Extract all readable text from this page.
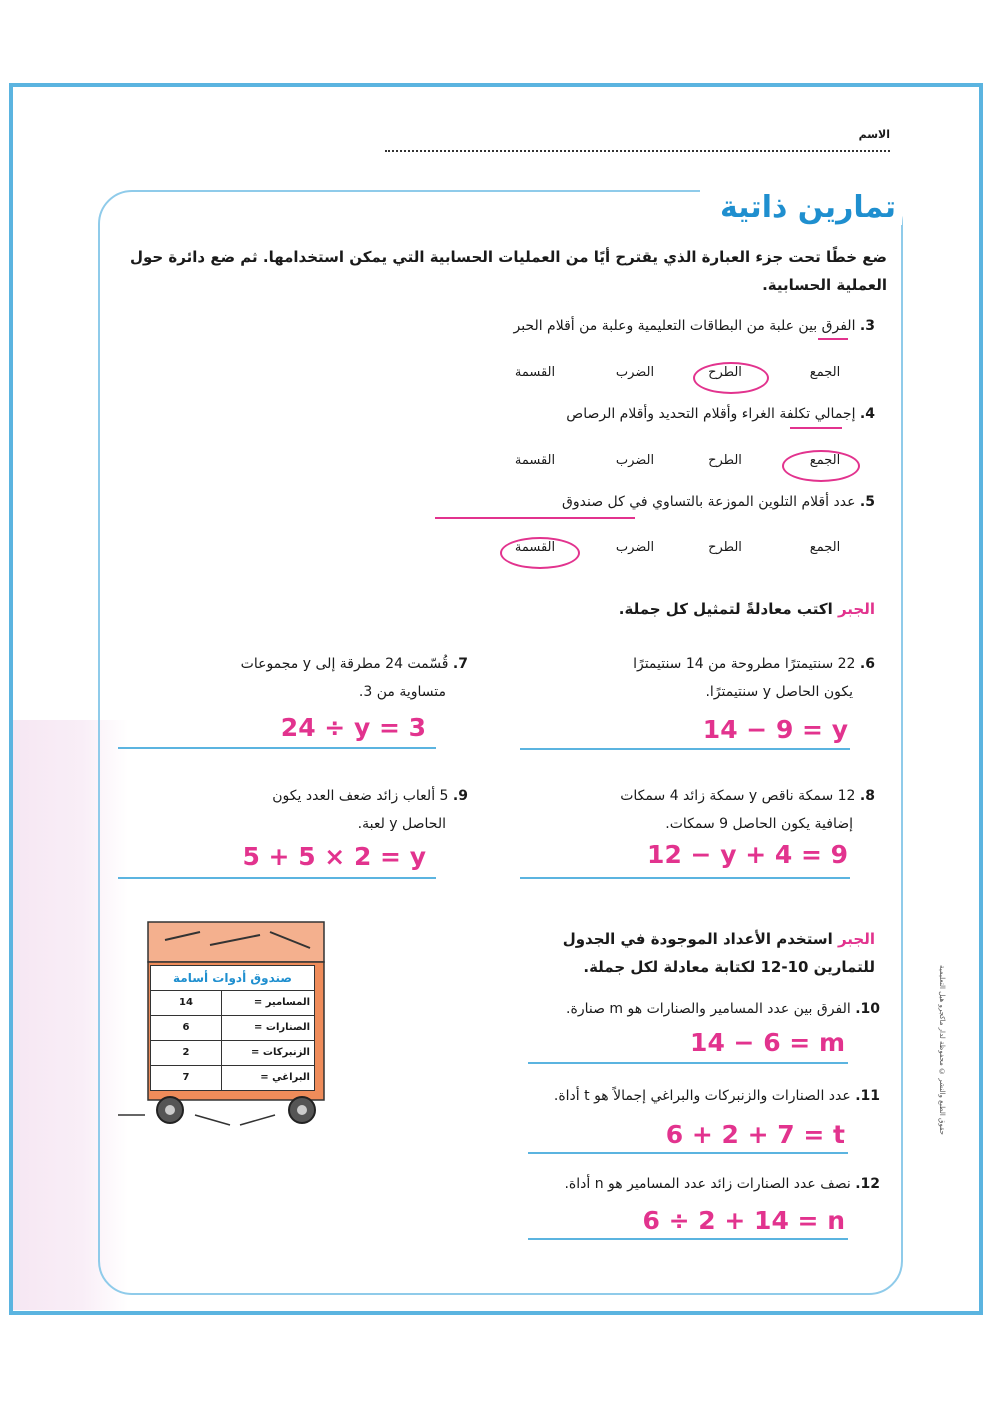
الاسم
تمارين ذاتية
ضع خطًا تحت جزء العبارة الذي يقترح أيًا من العمليات الحسابية التي يمكن استخدامها. ثم ضع دائرة حول العملية الحسابية.
3. الفرق بين علبة من البطاقات التعليمية وعلبة من أقلام الحبر
الجمع
الطرح
الضرب
القسمة
4. إجمالي تكلفة الغراء وأقلام التحديد وأقلام الرصاص
الجمع
الطرح
الضرب
القسمة
5. عدد أقلام التلوين الموزعة بالتساوي في كل صندوق
الجمع
الطرح
الضرب
القسمة
الجبر اكتب معادلةً لتمثيل كل جملة.
6. 22 سنتيمترًا مطروحة من 14 سنتيمترًا
يكون الحاصل y سنتيمترًا.
14 − 9 = y
7. قُسّمت 24 مطرقة إلى y مجموعات
متساوية من 3.
24 ÷ y = 3
8. 12 سمكة ناقص y سمكة زائد 4 سمكات
إضافية يكون الحاصل 9 سمكات.
12 − y + 4 = 9
9. 5 ألعاب زائد ضعف العدد يكون
الحاصل y لعبة.
5 + 5 × 2 = y
الجبر استخدم الأعداد الموجودة في الجدول
للتمارين 10-12 لكتابة معادلة لكل جملة.
صندوق أدوات أسامة
14	المسامير =
6	الصنارات =
2	الزنبركات =
7	البراغي =
10. الفرق بين عدد المسامير والصنارات هو m صنارة.
14 − 6 = m
11. عدد الصنارات والزنبركات والبراغي إجمالاً هو t أداة.
6 + 2 + 7 = t
12. نصف عدد الصنارات زائد عدد المسامير هو n أداة.
6 ÷ 2 + 14 = n
حقوق الطبع والنشر © محفوظة لدار ماكجرو هيل التعليمية
